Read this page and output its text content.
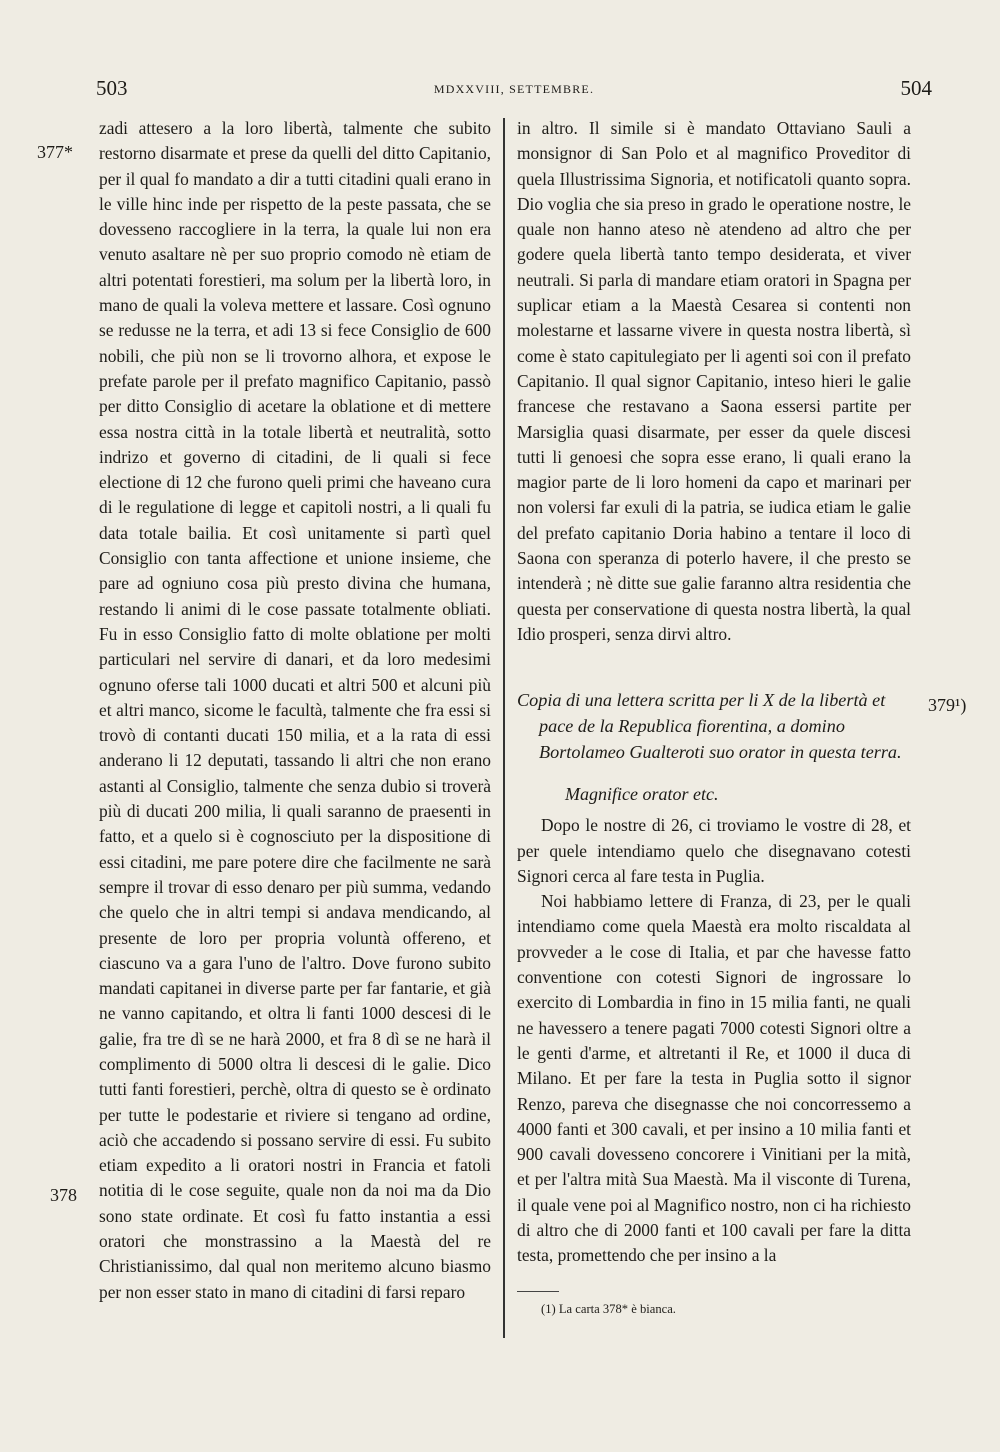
503	MDXXVIII, SETTEMBRE.	504
377*
378
379¹)

zadi attesero a la loro libertà, talmente che subito restorno disarmate et prese da quelli del ditto Capitanio, per il qual fo mandato a dir a tutti citadini quali erano in le ville hinc inde per rispetto de la peste passata, che se dovesseno raccogliere in la terra, la quale lui non era venuto asaltare nè per suo proprio comodo nè etiam de altri potentati forestieri, ma solum per la libertà loro, in mano de quali la voleva mettere et lassare. Così ognuno se redusse ne la terra, et adi 13 si fece Consiglio de 600 nobili, che più non se li trovorno alhora, et expose le prefate parole per il prefato magnifico Capitanio, passò per ditto Consiglio di acetare la oblatione et di mettere essa nostra città in la totale libertà et neutralità, sotto indrizo et governo di citadini, de li quali si fece electione di 12 che furono queli primi che haveano cura di le regulatione di legge et capitoli nostri, a li quali fu data totale bailia. Et così unitamente si partì quel Consiglio con tanta affectione et unione insieme, che pare ad ogniuno cosa più presto divina che humana, restando li animi di le cose passate totalmente obliati. Fu in esso Consiglio fatto di molte oblatione per molti particulari nel servire di danari, et da loro medesimi ognuno oferse tali 1000 ducati et altri 500 et alcuni più et altri manco, sicome le facultà, talmente che fra essi si trovò di contanti ducati 150 milia, et a la rata di essi anderano li 12 deputati, tassando li altri che non erano astanti al Consiglio, talmente che senza dubio si troverà più di ducati 200 milia, li quali saranno de praesenti in fatto, et a quelo si è cognosciuto per la dispositione di essi citadini, me pare potere dire che facilmente ne sarà sempre il trovar di esso denaro per più summa, vedando che quelo che in altri tempi si andava mendicando, al presente de loro per propria voluntà offereno, et ciascuno va a gara l'uno de l'altro. Dove furono subito mandati capitanei in diverse parte per far fantarie, et già ne vanno capitando, et oltra li fanti 1000 descesi di le galie, fra tre dì se ne harà 2000, et fra 8 dì se ne harà il complimento di 5000 oltra li descesi di le galie. Dico tutti fanti forestieri, perchè, oltra di questo se è ordinato per tutte le podestarie et riviere si tengano ad ordine, aciò che accadendo si possano servire di essi. Fu subito etiam expedito a li oratori nostri in Francia et fatoli notitia di le cose seguite, quale non da noi ma da Dio sono state ordinate. Et così fu fatto instantia a essi oratori che monstrassino a la Maestà del re Christianissimo, dal qual non meritemo alcuno biasmo per non esser stato in mano di citadini di farsi reparo

in altro. Il simile si è mandato Ottaviano Sauli a monsignor di San Polo et al magnifico Proveditor di quela Illustrissima Signoria, et notificatoli quanto sopra. Dio voglia che sia preso in grado le operatione nostre, le quale non hanno ateso nè atendeno ad altro che per godere quela libertà tanto tempo desiderata, et viver neutrali. Si parla di mandare etiam oratori in Spagna per suplicar etiam a la Maestà Cesarea si contenti non molestarne et lassarne vivere in questa nostra libertà, sì come è stato capitulegiato per li agenti soi con il prefato Capitanio. Il qual signor Capitanio, inteso hieri le galie francese che restavano a Saona essersi partite per Marsiglia quasi disarmate, per esser da quele discesi tutti li genoesi che sopra esse erano, li quali erano la magior parte de li loro homeni da capo et marinari per non volersi far exuli di la patria, se iudica etiam le galie del prefato capitanio Doria habino a tentare il loco di Saona con speranza di poterlo havere, il che presto se intenderà ; nè ditte sue galie faranno altra residentia che questa per conservatione di questa nostra libertà, la qual Idio prosperi, senza dirvi altro.

Copia di una lettera scritta per li X de la libertà et pace de la Republica fiorentina, a domino Bortolameo Gualteroti suo orator in questa terra.

Magnifice orator etc.

Dopo le nostre di 26, ci troviamo le vostre di 28, et per quele intendiamo quelo che disegnavano cotesti Signori cerca al fare testa in Puglia.

Noi habbiamo lettere di Franza, di 23, per le quali intendiamo come quela Maestà era molto riscaldata al provveder a le cose di Italia, et par che havesse fatto conventione con cotesti Signori de ingrossare lo exercito di Lombardia in fino in 15 milia fanti, ne quali ne havessero a tenere pagati 7000 cotesti Signori oltre a le genti d'arme, et altretanti il Re, et 1000 il duca di Milano. Et per fare la testa in Puglia sotto il signor Renzo, pareva che disegnasse che noi concorressemo a 4000 fanti et 300 cavali, et per insino a 10 milia fanti et 900 cavali dovesseno concorere i Vinitiani per la mità, et per l'altra mità Sua Maestà. Ma il visconte di Turena, il quale vene poi al Magnifico nostro, non ci ha richiesto di altro che di 2000 fanti et 100 cavali per fare la ditta testa, promettendo che per insino a la

(1) La carta 378* è bianca.
